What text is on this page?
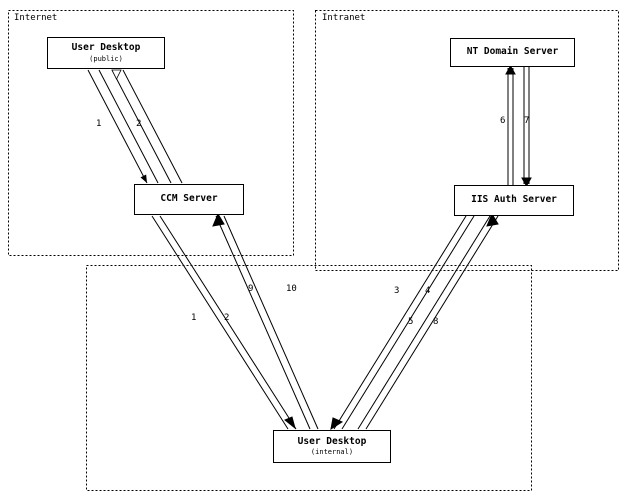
Internet	Intranet
User Desktop
(public)
CCM Server
NT Domain Server
IIS Auth Server
User Desktop
(internal)
1	2	6 7
9	10	3	4
1	2	5 8
